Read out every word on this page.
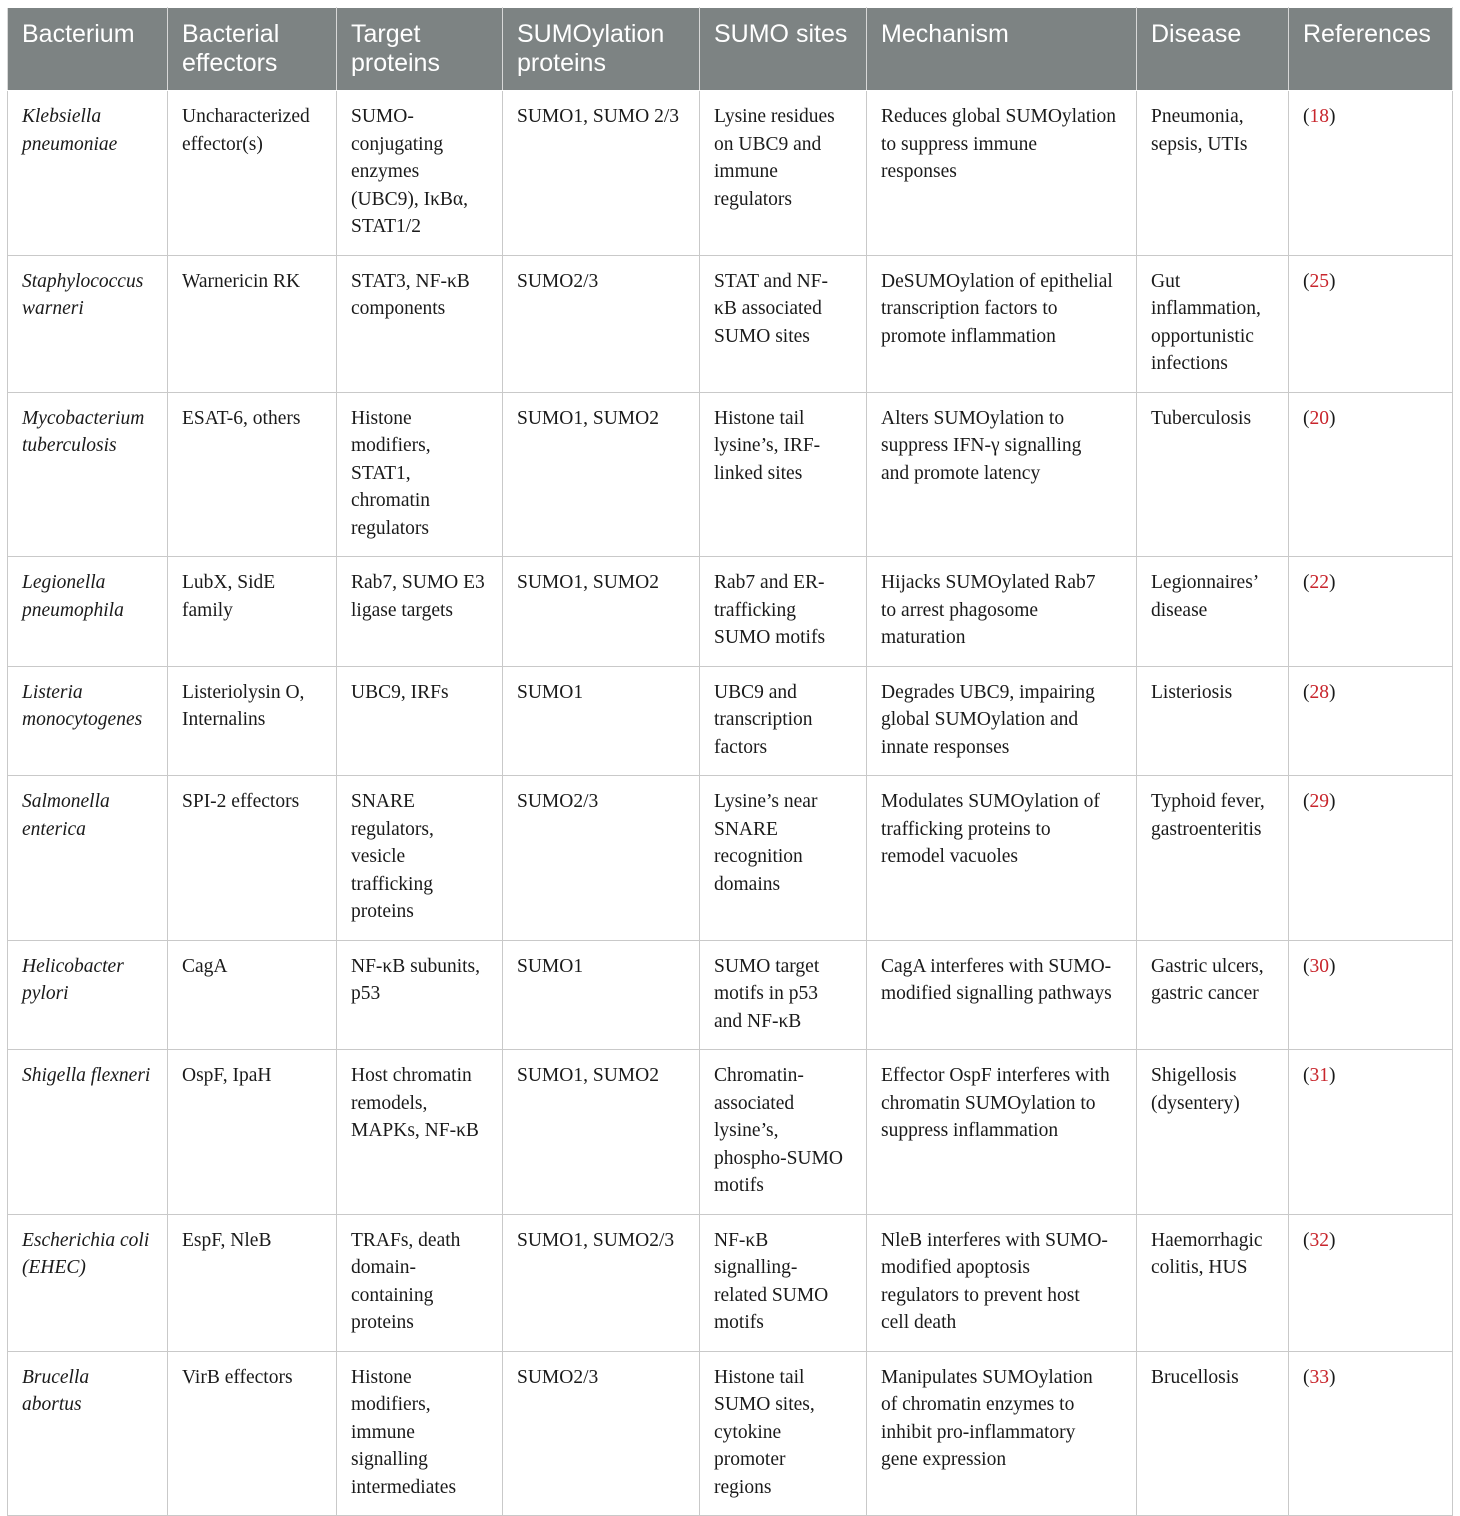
Bacterium	Bacterial
effectors	Target
proteins	SUMOylation
proteins	SUMO sites	Mechanism	Disease	References
Klebsiella
pneumoniae	Uncharacterized
effector(s)	SUMO-
conjugating
enzymes
(UBC9), IκBα,
STAT1/2	SUMO1, SUMO 2/3	Lysine residues
on UBC9 and
immune
regulators	Reduces global SUMOylation
to suppress immune
responses	Pneumonia,
sepsis, UTIs	(18)
Staphylococcus
warneri	Warnericin RK	STAT3, NF-κB
components	SUMO2/3	STAT and NF-
κB associated
SUMO sites	DeSUMOylation of epithelial
transcription factors to
promote inflammation	Gut
inflammation,
opportunistic
infections	(25)
Mycobacterium
tuberculosis	ESAT-6, others	Histone
modifiers,
STAT1,
chromatin
regulators	SUMO1, SUMO2	Histone tail
lysine’s, IRF-
linked sites	Alters SUMOylation to
suppress IFN-γ signalling
and promote latency	Tuberculosis	(20)
Legionella
pneumophila	LubX, SidE
family	Rab7, SUMO E3
ligase targets	SUMO1, SUMO2	Rab7 and ER-
trafficking
SUMO motifs	Hijacks SUMOylated Rab7
to arrest phagosome
maturation	Legionnaires’
disease	(22)
Listeria
monocytogenes	Listeriolysin O,
Internalins	UBC9, IRFs	SUMO1	UBC9 and
transcription
factors	Degrades UBC9, impairing
global SUMOylation and
innate responses	Listeriosis	(28)
Salmonella
enterica	SPI-2 effectors	SNARE
regulators,
vesicle
trafficking
proteins	SUMO2/3	Lysine’s near
SNARE
recognition
domains	Modulates SUMOylation of
trafficking proteins to
remodel vacuoles	Typhoid fever,
gastroenteritis	(29)
Helicobacter
pylori	CagA	NF-κB subunits,
p53	SUMO1	SUMO target
motifs in p53
and NF-κB	CagA interferes with SUMO-
modified signalling pathways	Gastric ulcers,
gastric cancer	(30)
Shigella flexneri	OspF, IpaH	Host chromatin
remodels,
MAPKs, NF-κB	SUMO1, SUMO2	Chromatin-
associated
lysine’s,
phospho-SUMO
motifs	Effector OspF interferes with
chromatin SUMOylation to
suppress inflammation	Shigellosis
(dysentery)	(31)
Escherichia coli
(EHEC)	EspF, NleB	TRAFs, death
domain-
containing
proteins	SUMO1, SUMO2/3	NF-κB
signalling-
related SUMO
motifs	NleB interferes with SUMO-
modified apoptosis
regulators to prevent host
cell death	Haemorrhagic
colitis, HUS	(32)
Brucella
abortus	VirB effectors	Histone
modifiers,
immune
signalling
intermediates	SUMO2/3	Histone tail
SUMO sites,
cytokine
promoter
regions	Manipulates SUMOylation
of chromatin enzymes to
inhibit pro-inflammatory
gene expression	Brucellosis	(33)
